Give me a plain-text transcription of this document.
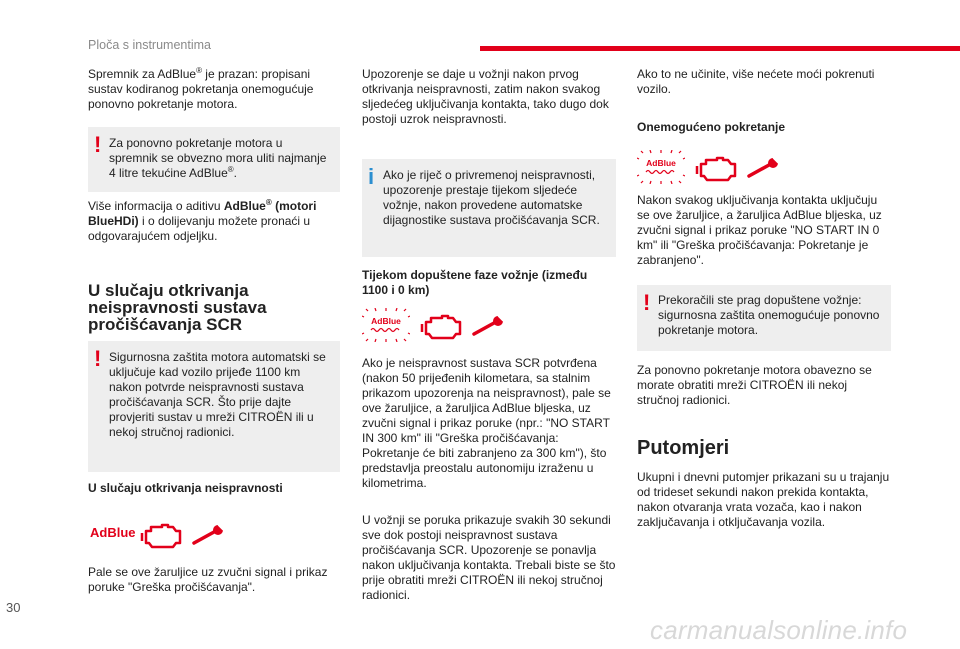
Ploča s instrumentima
Spremnik za AdBlue® je prazan: propisani sustav kodiranog pokretanja onemogućuje ponovno pokretanje motora.
! Za ponovno pokretanje motora u spremnik se obvezno mora uliti najmanje 4 litre tekućine AdBlue®.
Više informacija o aditivu AdBlue® (motori BlueHDi) i o dolijevanju možete pronaći u odgovarajućem odjeljku.
U slučaju otkrivanja neispravnosti sustava pročišćavanja SCR
! Sigurnosna zaštita motora automatski se uključuje kad vozilo prijeđe 1100 km nakon potvrde neispravnosti sustava pročišćavanja SCR. Što prije dajte provjeriti sustav u mreži CITROËN ili u nekoj stručnoj radionici.
U slučaju otkrivanja neispravnosti
AdBlue
Pale se ove žaruljice uz zvučni signal i prikaz poruke "Greška pročišćavanja".
Upozorenje se daje u vožnji nakon prvog otkrivanja neispravnosti, zatim nakon svakog sljedećeg uključivanja kontakta, tako dugo dok postoji uzrok neispravnosti.
i Ako je riječ o privremenoj neispravnosti, upozorenje prestaje tijekom sljedeće vožnje, nakon provedene automatske dijagnostike sustava pročišćavanja SCR.
Tijekom dopuštene faze vožnje (između 1100 i 0 km)
AdBlue
Ako je neispravnost sustava SCR potvrđena (nakon 50 prijeđenih kilometara, sa stalnim prikazom upozorenja na neispravnost), pale se ove žaruljice, a žaruljica AdBlue bljeska, uz zvučni signal i prikaz poruke (npr.: "NO START IN 300 km" ili "Greška pročišćavanja: Pokretanje će biti zabranjeno za 300 km"), što predstavlja preostalu autonomiju izraženu u kilometrima.
U vožnji se poruka prikazuje svakih 30 sekundi sve dok postoji neispravnost sustava pročišćavanja SCR. Upozorenje se ponavlja nakon uključivanja kontakta. Trebali biste se što prije obratiti mreži CITROËN ili nekoj stručnoj radionici.
Ako to ne učinite, više nećete moći pokrenuti vozilo.
Onemogućeno pokretanje
AdBlue
Nakon svakog uključivanja kontakta uključuju se ove žaruljice, a žaruljica AdBlue bljeska, uz zvučni signal i prikaz poruke "NO START IN 0 km" ili "Greška pročišćavanja: Pokretanje je zabranjeno".
! Prekoračili ste prag dopuštene vožnje: sigurnosna zaštita onemogućuje ponovno pokretanje motora.
Za ponovno pokretanje motora obavezno se morate obratiti mreži CITROËN ili nekoj stručnoj radionici.
Putomjeri
Ukupni i dnevni putomjer prikazani su u trajanju od trideset sekundi nakon prekida kontakta, nakon otvaranja vrata vozača, kao i nakon zaključavanja i otključavanja vozila.
30
carmanualsonline.info
